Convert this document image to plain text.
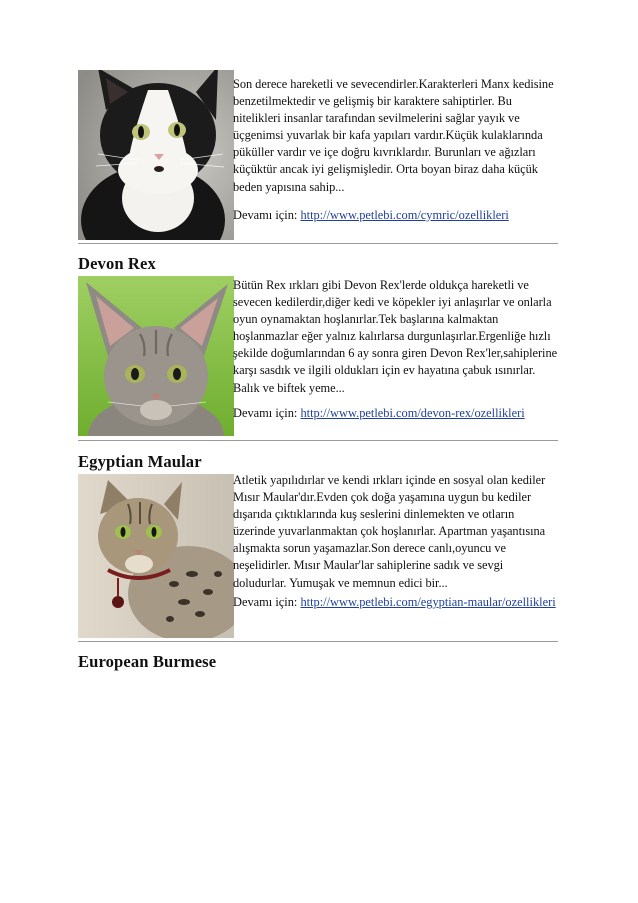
Son derece hareketli ve sevecendirler.Karakterleri Manx kedisine benzetilmektedir ve gelişmiş bir karaktere sahiptirler. Bu nitelikleri insanlar tarafından sevilmelerini sağlar yayık ve üçgenimsi yuvarlak bir kafa yapıları vardır.Küçük kulaklarında püküller vardır ve içe doğru kıvrıklardır. Burunları ve ağızları küçüktür ancak iyi gelişmişledir. Orta boyan biraz daha küçük beden yapısına sahip...

Devamı için: http://www.petlebi.com/cymric/ozellikleri

Devon Rex

Bütün Rex ırkları gibi Devon Rex'lerde oldukça hareketli ve sevecen kedilerdir,diğer kedi ve köpekler iyi anlaşırlar ve onlarla oyun oynamaktan hoşlanırlar.Tek başlarına kalmaktan hoşlanmazlar eğer yalnız kalırlarsa durgunlaşırlar.Ergenliğe hızlı şekilde doğumlarından 6 ay sonra giren Devon Rex'ler,sahiplerine karşı sasdık ve ilgili oldukları için ev hayatına çabuk ısınırlar. Balık ve biftek yeme...

Devamı için: http://www.petlebi.com/devon-rex/ozellikleri

Egyptian Maular

Atletik yapılıdırlar ve kendi ırkları içinde en sosyal olan kediler Mısır Maular'dır.Evden çok doğa yaşamına uygun bu kediler dışarıda çıktıklarında kuş seslerini dinlemekten ve otların üzerinde yuvarlanmaktan çok hoşlanırlar. Apartman yaşantısına alışmakta sorun yaşamazlar.Son derece canlı,oyuncu ve neşelidirler. Mısır Maular'lar sahiplerine sadık ve sevgi doludurlar. Yumuşak ve memnun edici bir...

Devamı için: http://www.petlebi.com/egyptian-maular/ozellikleri

European Burmese
